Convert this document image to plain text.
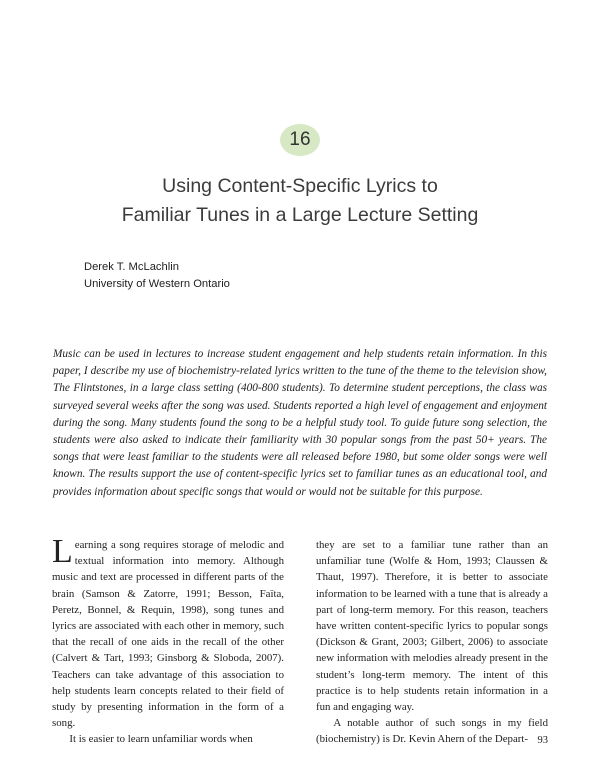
16
Using Content-Specific Lyrics to
Familiar Tunes in a Large Lecture Setting
Derek T. McLachlin
University of Western Ontario

Music can be used in lectures to increase student engagement and help students retain information. In this paper, I describe my use of biochemistry-related lyrics written to the tune of the theme to the television show, The Flintstones, in a large class setting (400-800 students). To determine student perceptions, the class was surveyed several weeks after the song was used. Students reported a high level of engagement and enjoyment during the song. Many students found the song to be a helpful study tool. To guide future song selection, the students were also asked to indicate their familiarity with 30 popular songs from the past 50+ years. The songs that were least familiar to the students were all released before 1980, but some older songs were well known. The results support the use of content-specific lyrics set to familiar tunes as an educational tool, and provides information about specific songs that would or would not be suitable for this purpose.

Learning a song requires storage of melodic and textual information into memory. Although music and text are processed in different parts of the brain (Samson & Zatorre, 1991; Besson, Faïta, Peretz, Bonnel, & Requin, 1998), song tunes and lyrics are associated with each other in memory, such that the recall of one aids in the recall of the other (Calvert & Tart, 1993; Ginsborg & Sloboda, 2007). Teachers can take advantage of this association to help students learn concepts related to their field of study by presenting information in the form of a song.

It is easier to learn unfamiliar words when

they are set to a familiar tune rather than an unfamiliar tune (Wolfe & Hom, 1993; Claussen & Thaut, 1997). Therefore, it is better to associate information to be learned with a tune that is already a part of long-term memory. For this reason, teachers have written content-specific lyrics to popular songs (Dickson & Grant, 2003; Gilbert, 2006) to associate new information with melodies already present in the student’s long-term memory. The intent of this practice is to help students retain information in a fun and engaging way.

A notable author of such songs in my field (biochemistry) is Dr. Kevin Ahern of the Depart- 93
